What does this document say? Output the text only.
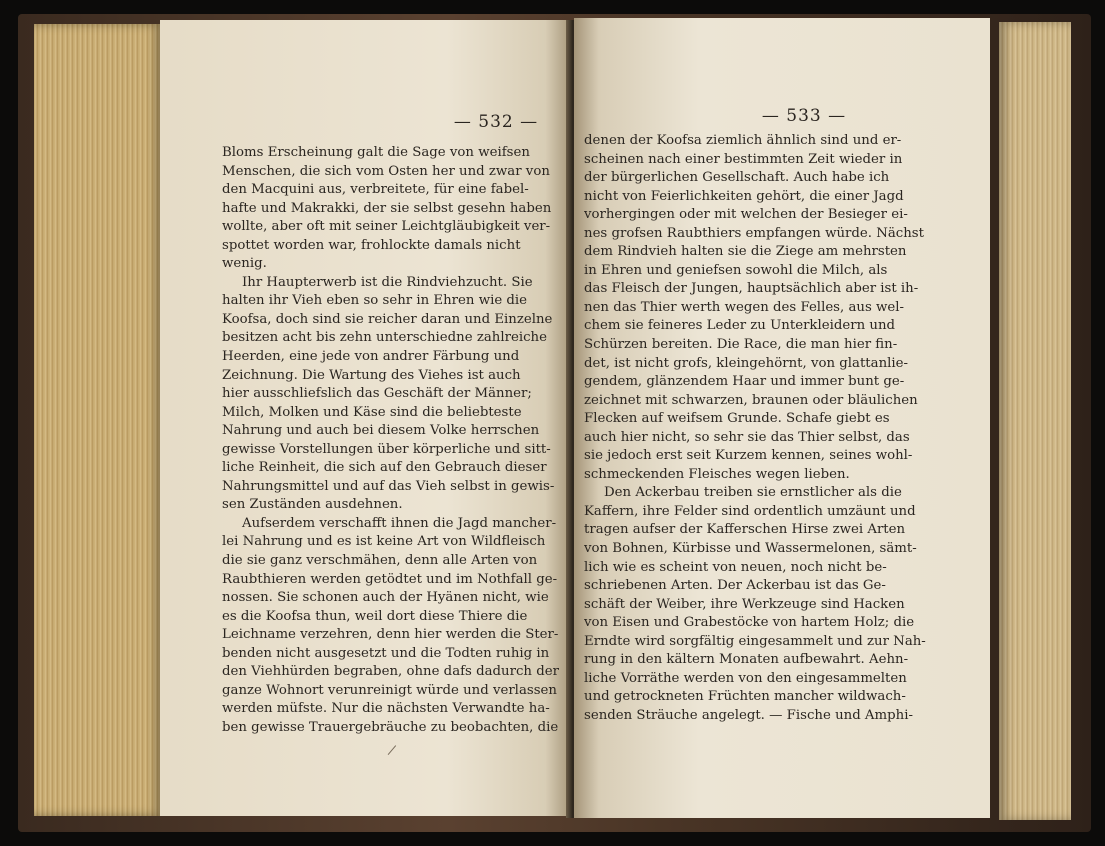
— 532 —
Bloms Erscheinung galt die Sage von weifsen
Menschen, die sich vom Osten her und zwar von
den Macquini aus, verbreitete, für eine fabel-
hafte und Makrakki, der sie selbst gesehn haben
wollte, aber oft mit seiner Leichtgläubigkeit ver-
spottet worden war, frohlockte damals nicht
wenig.
Ihr Haupterwerb ist die Rindviehzucht. Sie
halten ihr Vieh eben so sehr in Ehren wie die
Koofsa, doch sind sie reicher daran und Einzelne
besitzen acht bis zehn unterschiedne zahlreiche
Heerden, eine jede von andrer Färbung und
Zeichnung. Die Wartung des Viehes ist auch
hier ausschliefslich das Geschäft der Männer;
Milch, Molken und Käse sind die beliebteste
Nahrung und auch bei diesem Volke herrschen
gewisse Vorstellungen über körperliche und sitt-
liche Reinheit, die sich auf den Gebrauch dieser
Nahrungsmittel und auf das Vieh selbst in gewis-
sen Zuständen ausdehnen.
Aufserdem verschafft ihnen die Jagd mancher-
lei Nahrung und es ist keine Art von Wildfleisch
die sie ganz verschmähen, denn alle Arten von
Raubthieren werden getödtet und im Nothfall ge-
nossen. Sie schonen auch der Hyänen nicht, wie
es die Koofsa thun, weil dort diese Thiere die
Leichname verzehren, denn hier werden die Ster-
benden nicht ausgesetzt und die Todten ruhig in
den Viehhürden begraben, ohne dafs dadurch der
ganze Wohnort verunreinigt würde und verlassen
werden müfste. Nur die nächsten Verwandte ha-
ben gewisse Trauergebräuche zu beobachten, die
— 533 —
denen der Koofsa ziemlich ähnlich sind und er-
scheinen nach einer bestimmten Zeit wieder in
der bürgerlichen Gesellschaft. Auch habe ich
nicht von Feierlichkeiten gehört, die einer Jagd
vorhergingen oder mit welchen der Besieger ei-
nes grofsen Raubthiers empfangen würde. Nächst
dem Rindvieh halten sie die Ziege am mehrsten
in Ehren und geniefsen sowohl die Milch, als
das Fleisch der Jungen, hauptsächlich aber ist ih-
nen das Thier werth wegen des Felles, aus wel-
chem sie feineres Leder zu Unterkleidern und
Schürzen bereiten. Die Race, die man hier fin-
det, ist nicht grofs, kleingehörnt, von glattanlie-
gendem, glänzendem Haar und immer bunt ge-
zeichnet mit schwarzen, braunen oder bläulichen
Flecken auf weifsem Grunde. Schafe giebt es
auch hier nicht, so sehr sie das Thier selbst, das
sie jedoch erst seit Kurzem kennen, seines wohl-
schmeckenden Fleisches wegen lieben.
Den Ackerbau treiben sie ernstlicher als die
Kaffern, ihre Felder sind ordentlich umzäunt und
tragen aufser der Kafferschen Hirse zwei Arten
von Bohnen, Kürbisse und Wassermelonen, sämt-
lich wie es scheint von neuen, noch nicht be-
schriebenen Arten. Der Ackerbau ist das Ge-
schäft der Weiber, ihre Werkzeuge sind Hacken
von Eisen und Grabestöcke von hartem Holz; die
Erndte wird sorgfältig eingesammelt und zur Nah-
rung in den kältern Monaten aufbewahrt. Aehn-
liche Vorräthe werden von den eingesammelten
und getrockneten Früchten mancher wildwach-
senden Sträuche angelegt. — Fische und Amphi-
